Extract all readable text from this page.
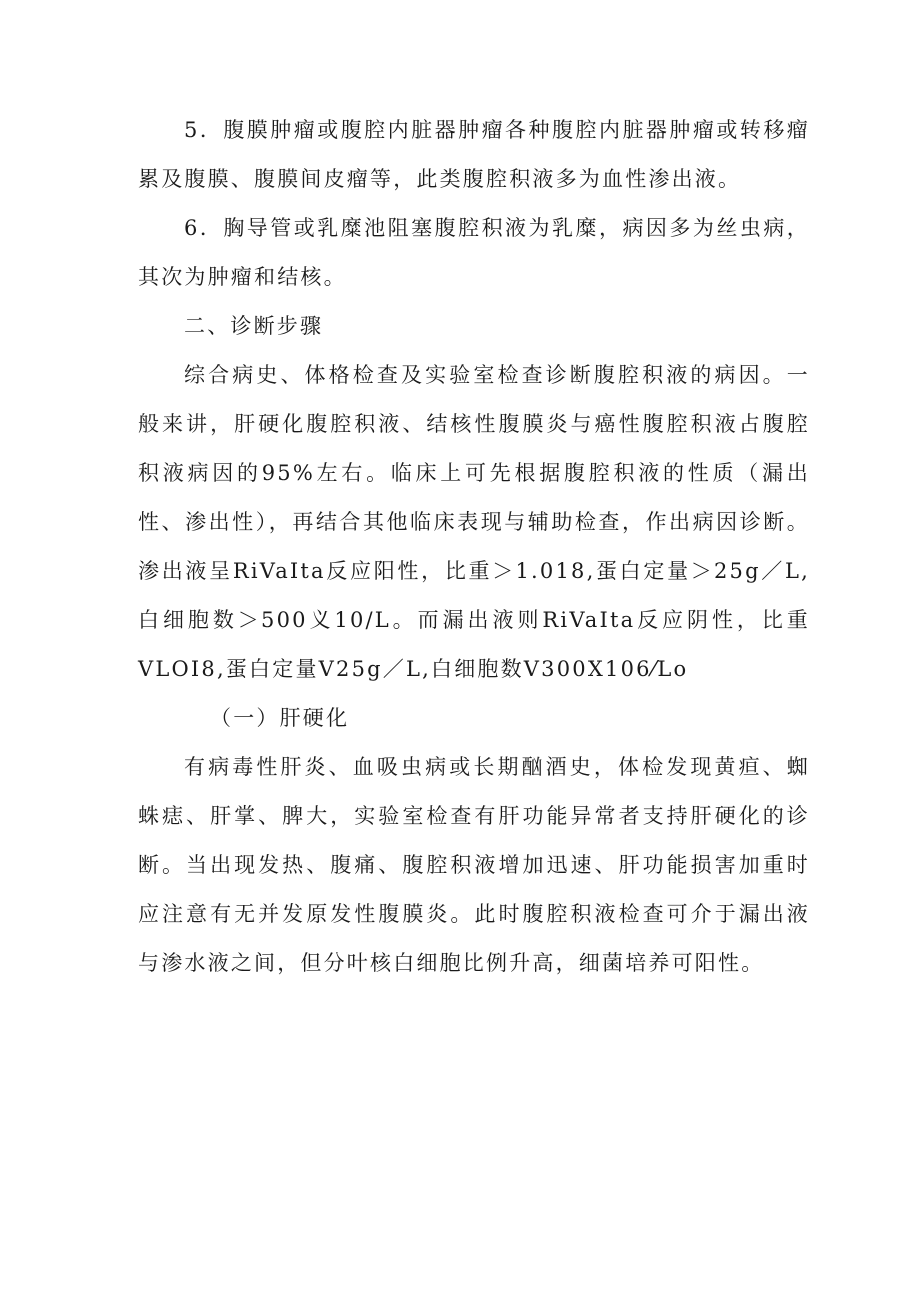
5．腹膜肿瘤或腹腔内脏器肿瘤各种腹腔内脏器肿瘤或转移瘤累及腹膜、腹膜间皮瘤等，此类腹腔积液多为血性渗出液。

6．胸导管或乳糜池阻塞腹腔积液为乳糜，病因多为丝虫病，其次为肿瘤和结核。

二、诊断步骤

综合病史、体格检查及实验室检查诊断腹腔积液的病因。一般来讲，肝硬化腹腔积液、结核性腹膜炎与癌性腹腔积液占腹腔积液病因的95%左右。临床上可先根据腹腔积液的性质（漏出性、渗出性），再结合其他临床表现与辅助检查，作出病因诊断。渗出液呈RiVaIta反应阳性，比重＞1.018,蛋白定量＞25g／L,白细胞数＞500义10/L。而漏出液则RiVaIta反应阴性，比重VLOI8,蛋白定量V25g／L,白细胞数V300X106⁄Lo

（一）肝硬化

有病毒性肝炎、血吸虫病或长期酗酒史，体检发现黄疸、蜘蛛痣、肝掌、脾大，实验室检查有肝功能异常者支持肝硬化的诊断。当出现发热、腹痛、腹腔积液增加迅速、肝功能损害加重时应注意有无并发原发性腹膜炎。此时腹腔积液检查可介于漏出液与渗水液之间，但分叶核白细胞比例升高，细菌培养可阳性。
